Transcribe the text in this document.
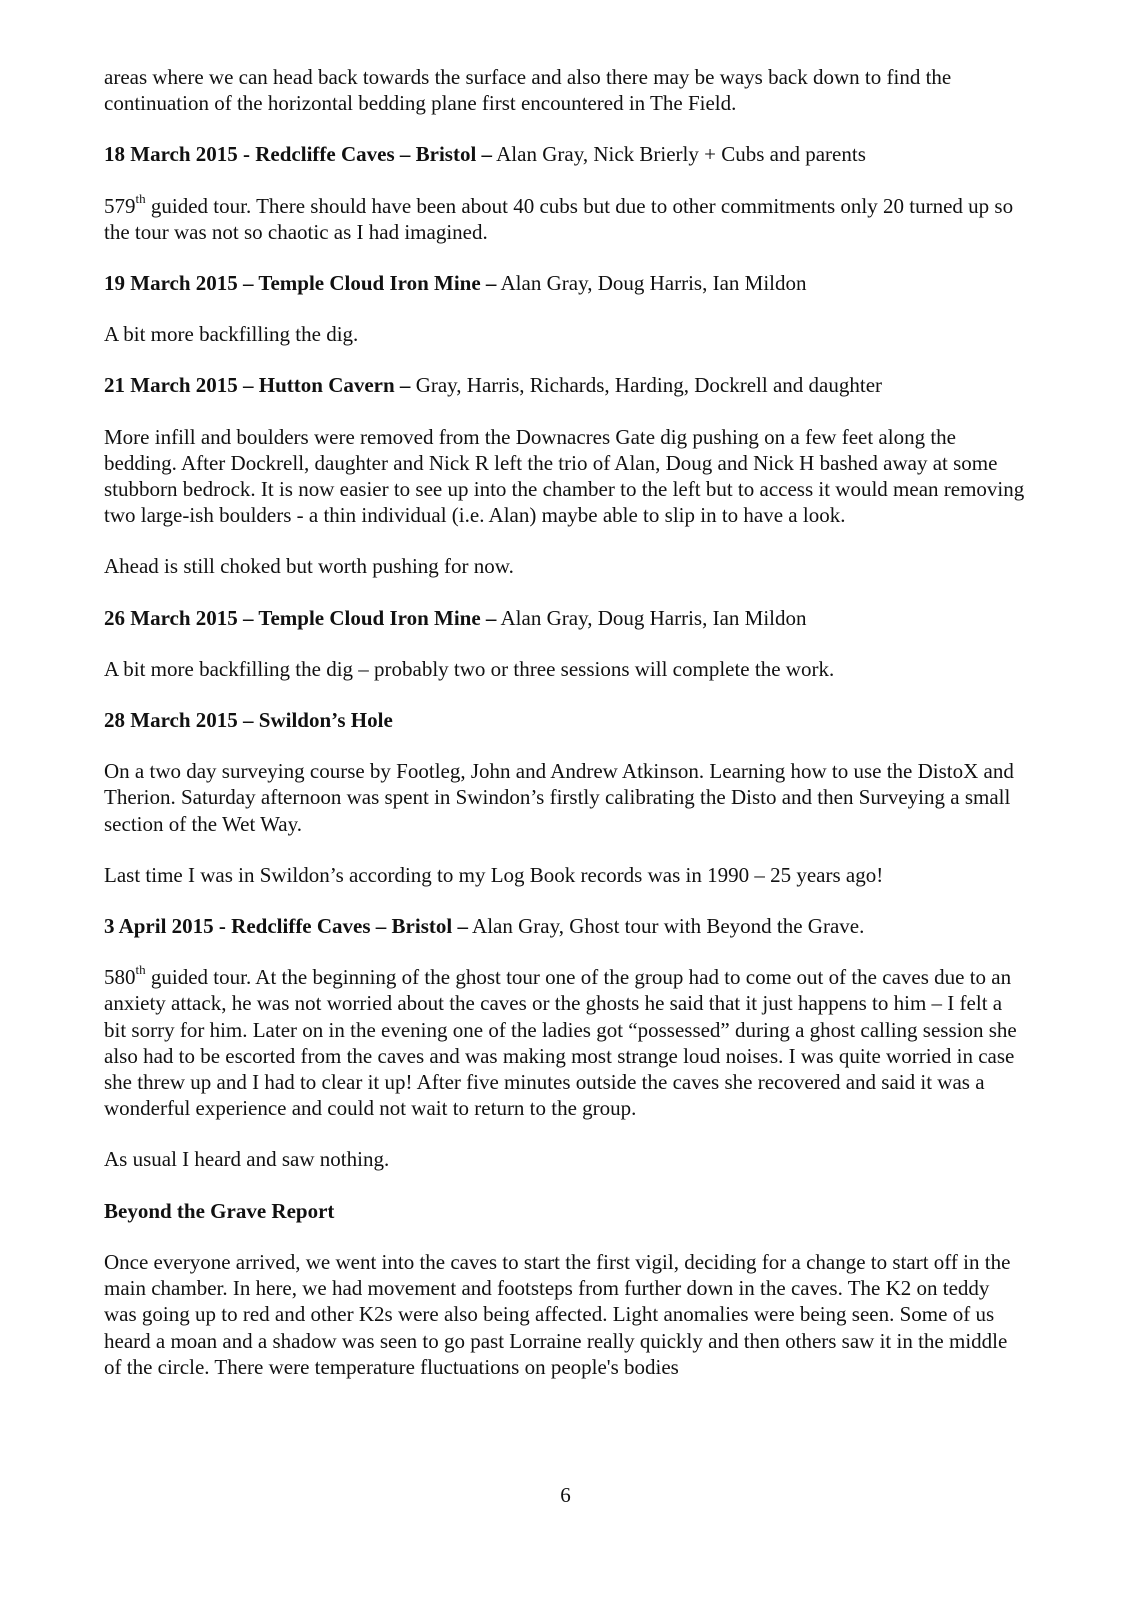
areas where we can head back towards the surface and also there may be ways back down to find the continuation of the horizontal bedding plane first encountered in The Field.

18 March 2015 - Redcliffe Caves – Bristol – Alan Gray, Nick Brierly + Cubs and parents

579th guided tour. There should have been about 40 cubs but due to other commitments only 20 turned up so the tour was not so chaotic as I had imagined.

19 March 2015 – Temple Cloud Iron Mine – Alan Gray, Doug Harris, Ian Mildon

A bit more backfilling the dig.

21 March 2015 – Hutton Cavern – Gray, Harris, Richards, Harding, Dockrell and daughter

More infill and boulders were removed from the Downacres Gate dig pushing on a few feet along the bedding. After Dockrell, daughter and Nick R left the trio of Alan, Doug and Nick H bashed away at some stubborn bedrock. It is now easier to see up into the chamber to the left but to access it would mean removing two large-ish boulders - a thin individual (i.e. Alan) maybe able to slip in to have a look.

Ahead is still choked but worth pushing for now.

26 March 2015 – Temple Cloud Iron Mine – Alan Gray, Doug Harris, Ian Mildon

A bit more backfilling the dig – probably two or three sessions will complete the work.

28 March 2015 – Swildon’s Hole

On a two day surveying course by Footleg, John and Andrew Atkinson. Learning how to use the DistoX and Therion. Saturday afternoon was spent in Swindon’s firstly calibrating the Disto and then Surveying a small section of the Wet Way.

Last time I was in Swildon’s according to my Log Book records was in 1990 – 25 years ago!

3 April 2015 - Redcliffe Caves – Bristol – Alan Gray, Ghost tour with Beyond the Grave.

580th guided tour. At the beginning of the ghost tour one of the group had to come out of the caves due to an anxiety attack, he was not worried about the caves or the ghosts he said that it just happens to him – I felt a bit sorry for him. Later on in the evening one of the ladies got “possessed” during a ghost calling session she also had to be escorted from the caves and was making most strange loud noises. I was quite worried in case she threw up and I had to clear it up! After five minutes outside the caves she recovered and said it was a wonderful experience and could not wait to return to the group.

As usual I heard and saw nothing.

Beyond the Grave Report

Once everyone arrived, we went into the caves to start the first vigil, deciding for a change to start off in the main chamber. In here, we had movement and footsteps from further down in the caves. The K2 on teddy was going up to red and other K2s were also being affected. Light anomalies were being seen. Some of us heard a moan and a shadow was seen to go past Lorraine really quickly and then others saw it in the middle of the circle. There were temperature fluctuations on people's bodies

6
